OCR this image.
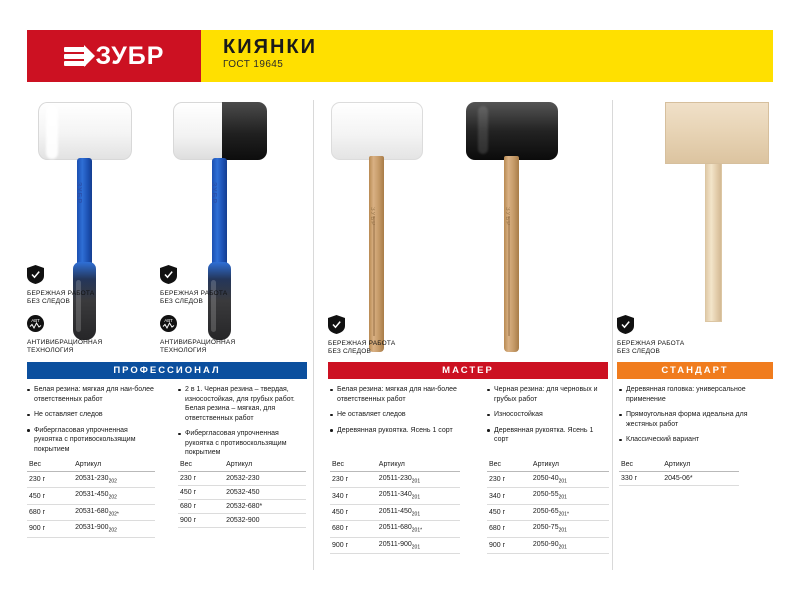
ЗУБР	КИЯНКИ
ГОСТ 19645
ЗУБР	ЗУБР
ЗУБР	ЗУБР
БЕРЕЖНАЯ РАБОТА
БЕЗ СЛЕДОВ
АВТ
АНТИВИБРАЦИОННАЯ
ТЕХНОЛОГИЯ
БЕРЕЖНАЯ РАБОТА
БЕЗ СЛЕДОВ
АВТ
АНТИВИБРАЦИОННАЯ
ТЕХНОЛОГИЯ
БЕРЕЖНАЯ РАБОТА
БЕЗ СЛЕДОВ
БЕРЕЖНАЯ РАБОТА
БЕЗ СЛЕДОВ
ПРОФЕССИОНАЛ	МАСТЕР	СТАНДАРТ
Белая резина: мягкая для наи-более ответственных работ
Не оставляет следов
Фибергласовая упрочненная рукоятка с противоскользящим покрытием
2 в 1. Черная резина – твердая, износостойкая, для грубых работ. Белая резина – мягкая, для ответственных работ
Фибергласовая упрочненная рукоятка с противоскользящим покрытием
Белая резина: мягкая для наи-более ответственных работ
Не оставляет следов
Деревянная рукоятка. Ясень 1 сорт
Черная резина: для черновых и грубых работ
Износостойкая
Деревянная рукоятка. Ясень 1 сорт
Деревянная головка: универсальное применение
Прямоугольная форма идеальна для жестяных работ
Классический вариант
Вес	Артикул
230 г	$20531-230_{202}$
450 г	$20531-450_{202}$
680 г	$20531-680_{202*}$
900 г	$20531-900_{202}$
Вес	Артикул
230 г	20532-230
450 г	20532-450
680 г	20532-680*
900 г	20532-900
Вес	Артикул
230 г	$20511-230_{201}$
340 г	$20511-340_{201}$
450 г	$20511-450_{201}$
680 г	$20511-680_{201*}$
900 г	$20511-900_{201}$
Вес	Артикул
230 г	$2050-40_{201}$
340 г	$2050-55_{201}$
450 г	$2050-65_{201*}$
680 г	$2050-75_{201}$
900 г	$2050-90_{201}$
Вес	Артикул
330 г	2045-06*
